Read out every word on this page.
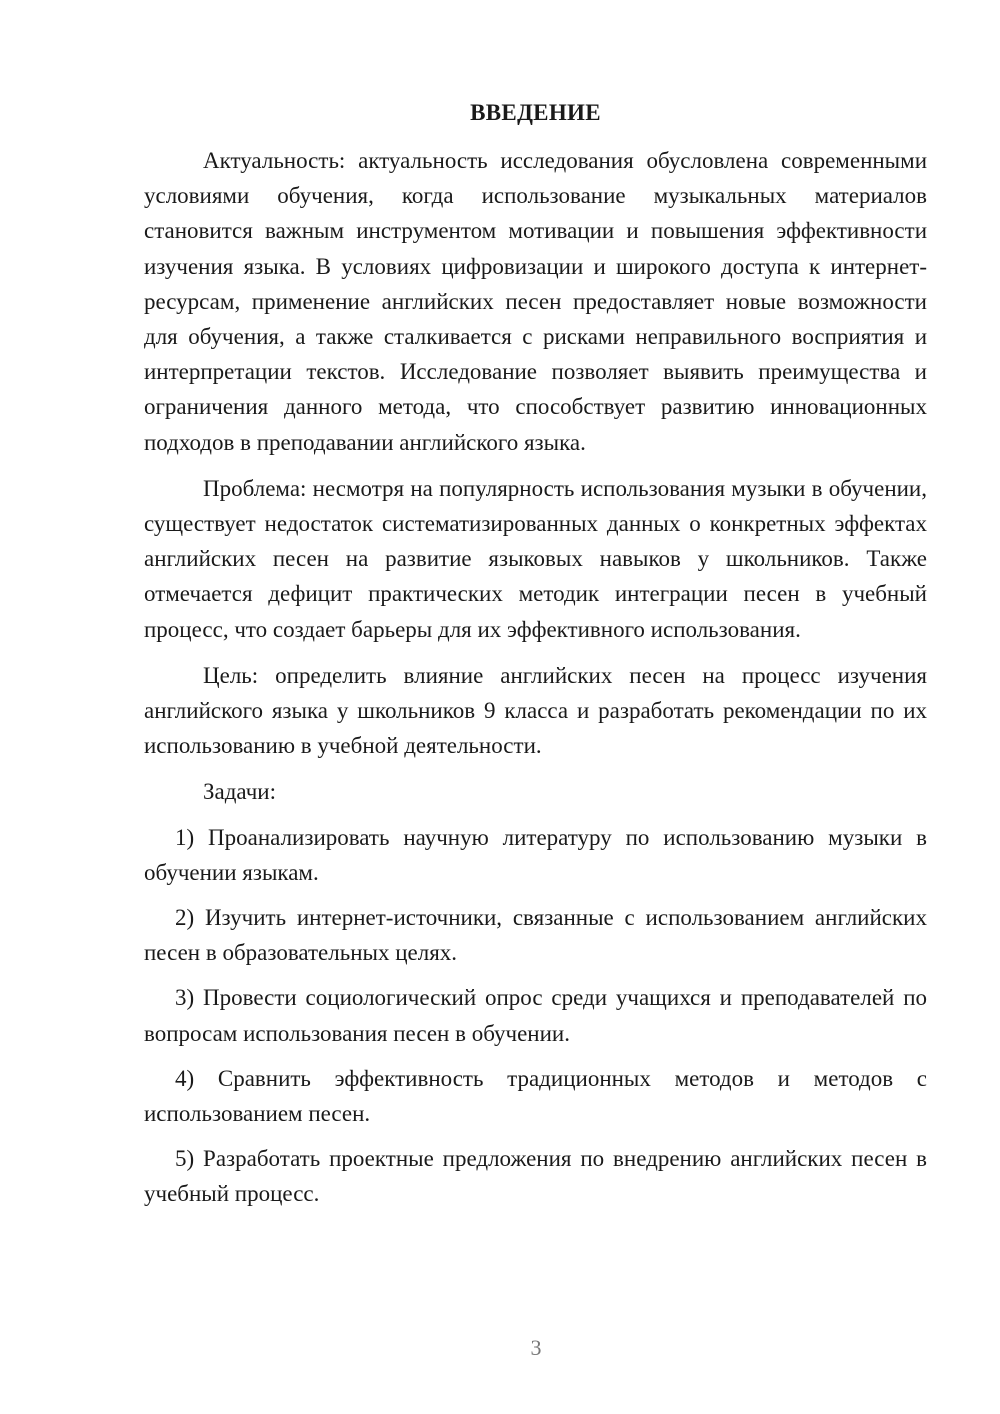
ВВЕДЕНИЕ

Актуальность: актуальность исследования обусловлена современными условиями обучения, когда использование музыкальных материалов становится важным инструментом мотивации и повышения эффективности изучения языка. В условиях цифровизации и широкого доступа к интернет-ресурсам, применение английских песен предоставляет новые возможности для обучения, а также сталкивается с рисками неправильного восприятия и интерпретации текстов. Исследование позволяет выявить преимущества и ограничения данного метода, что способствует развитию инновационных подходов в преподавании английского языка.

Проблема: несмотря на популярность использования музыки в обучении, существует недостаток систематизированных данных о конкретных эффектах английских песен на развитие языковых навыков у школьников. Также отмечается дефицит практических методик интеграции песен в учебный процесс, что создает барьеры для их эффективного использования.

Цель: определить влияние английских песен на процесс изучения английского языка у школьников 9 класса и разработать рекомендации по их использованию в учебной деятельности.

Задачи:

1) Проанализировать научную литературу по использованию музыки в обучении языкам.

2) Изучить интернет-источники, связанные с использованием английских песен в образовательных целях.

3) Провести социологический опрос среди учащихся и преподавателей по вопросам использования песен в обучении.

4) Сравнить эффективность традиционных методов и методов с использованием песен.

5) Разработать проектные предложения по внедрению английских песен в учебный процесс.

3
